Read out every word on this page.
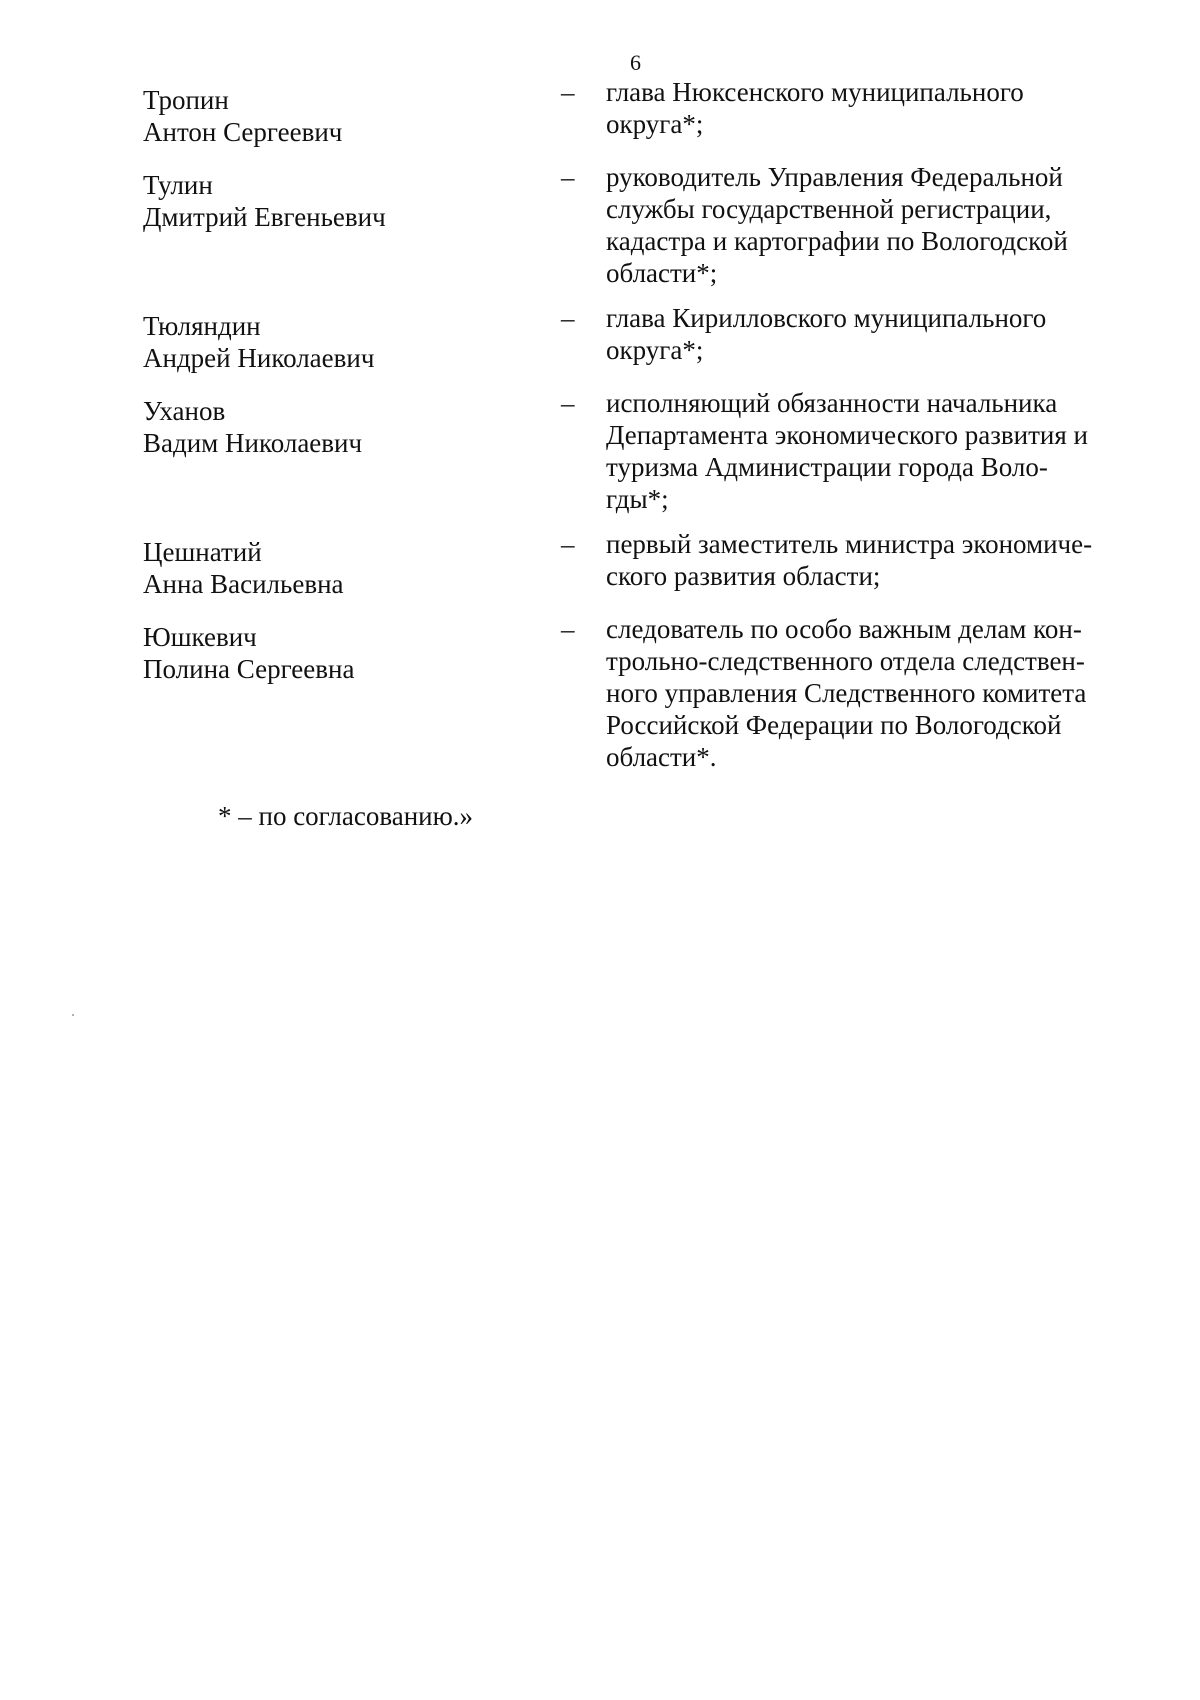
6
Тропин
Антон Сергеевич
–	глава Нюксенского муниципального
округа*;
Тулин
Дмитрий Евгеньевич
–	руководитель Управления Федеральной
службы государственной регистрации,
кадастра и картографии по Вологодской
области*;
Тюляндин
Андрей Николаевич
–	глава Кирилловского муниципального
округа*;
Уханов
Вадим Николаевич
–	исполняющий обязанности начальника
Департамента экономического развития и
туризма Администрации города Воло-
гды*;
Цешнатий
Анна Васильевна
–	первый заместитель министра экономиче-
ского развития области;
Юшкевич
Полина Сергеевна
–	следователь по особо важным делам кон-
трольно-следственного отдела следствен-
ного управления Следственного комитета
Российской Федерации по Вологодской
области*.
* – по согласованию.»
